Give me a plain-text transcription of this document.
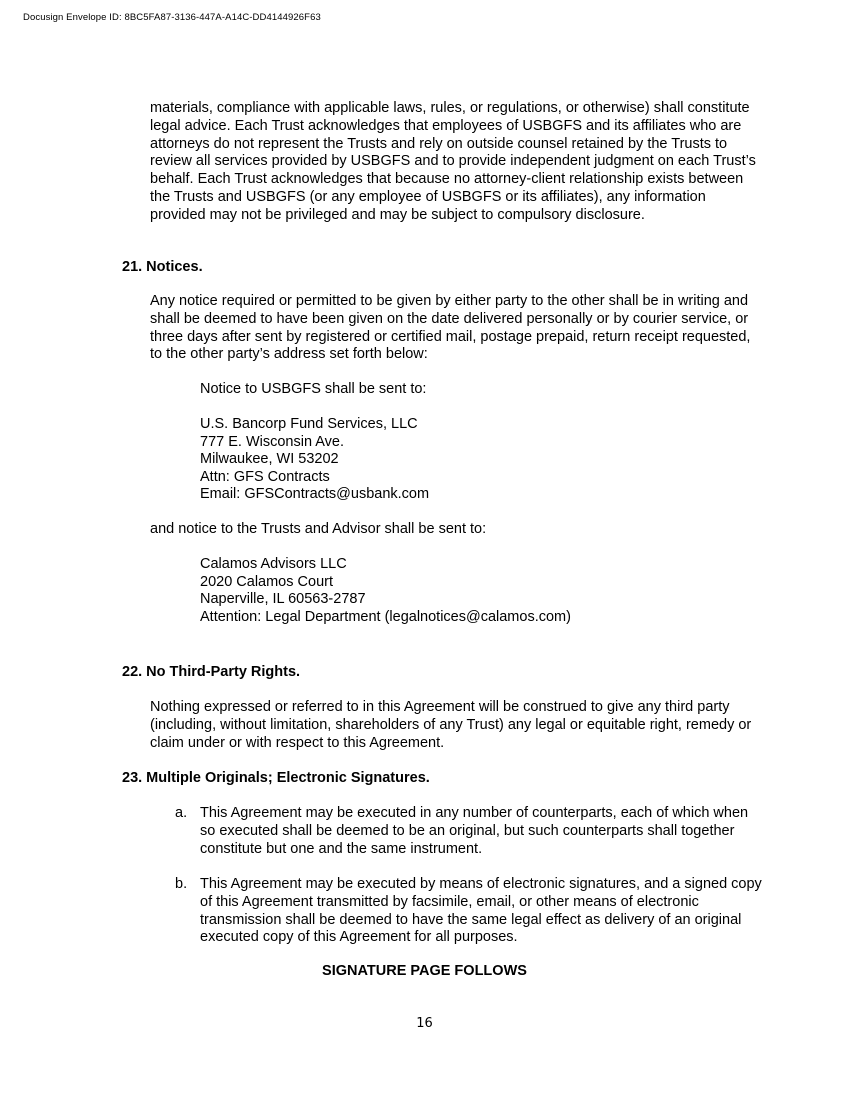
Docusign Envelope ID: 8BC5FA87-3136-447A-A14C-DD4144926F63
materials, compliance with applicable laws, rules, or regulations, or otherwise) shall constitute legal advice. Each Trust acknowledges that employees of USBGFS and its affiliates who are attorneys do not represent the Trusts and rely on outside counsel retained by the Trusts to review all services provided by USBGFS and to provide independent judgment on each Trust’s behalf. Each Trust acknowledges that because no attorney-client relationship exists between the Trusts and USBGFS (or any employee of USBGFS or its affiliates), any information provided may not be privileged and may be subject to compulsory disclosure.
21. Notices.
Any notice required or permitted to be given by either party to the other shall be in writing and shall be deemed to have been given on the date delivered personally or by courier service, or three days after sent by registered or certified mail, postage prepaid, return receipt requested, to the other party’s address set forth below:
Notice to USBGFS shall be sent to:
U.S. Bancorp Fund Services, LLC
777 E. Wisconsin Ave.
Milwaukee, WI 53202
Attn: GFS Contracts
Email: GFSContracts@usbank.com
and notice to the Trusts and Advisor shall be sent to:
Calamos Advisors LLC
2020 Calamos Court
Naperville, IL 60563-2787
Attention: Legal Department (legalnotices@calamos.com)
22. No Third-Party Rights.
Nothing expressed or referred to in this Agreement will be construed to give any third party (including, without limitation, shareholders of any Trust) any legal or equitable right, remedy or claim under or with respect to this Agreement.
23. Multiple Originals; Electronic Signatures.
a. This Agreement may be executed in any number of counterparts, each of which when so executed shall be deemed to be an original, but such counterparts shall together constitute but one and the same instrument.
b. This Agreement may be executed by means of electronic signatures, and a signed copy of this Agreement transmitted by facsimile, email, or other means of electronic transmission shall be deemed to have the same legal effect as delivery of an original executed copy of this Agreement for all purposes.
SIGNATURE PAGE FOLLOWS
16
